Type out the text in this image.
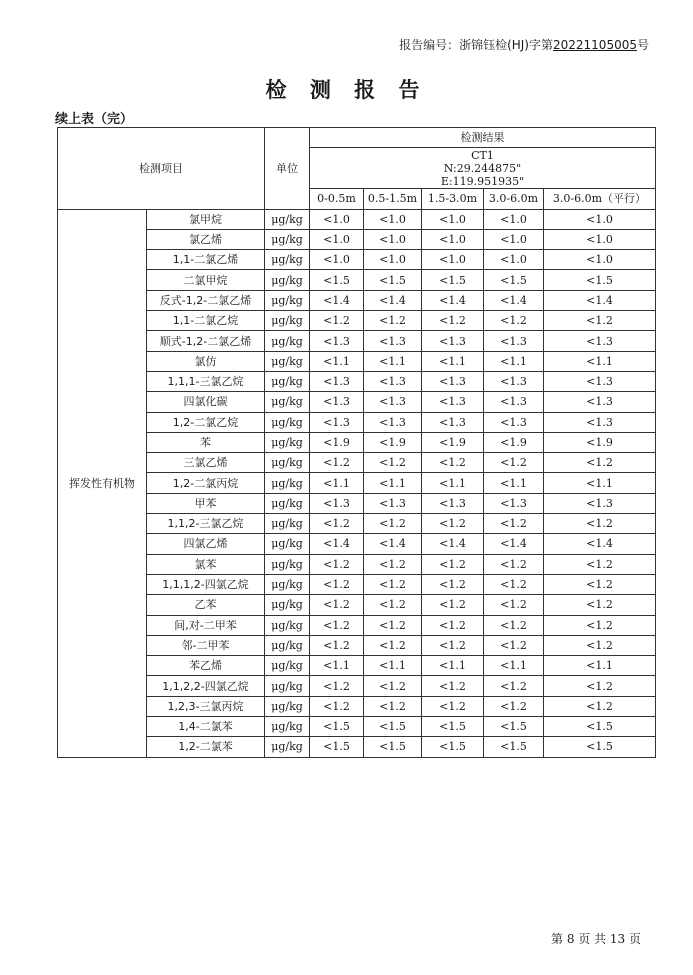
报告编号：浙锦钰检(HJ)字第20221105005号
检 测 报 告
续上表（完）
检测项目		单位	检测结果				

			CT1
N:29.244875"
E:119.951935"				

			0-0.5m	0.5-1.5m	1.5-3.0m	3.0-6.0m	3.0-6.0m（平行）
挥发性有机物	氯甲烷	μg/kg	<1.0	<1.0	<1.0	<1.0	<1.0
	氯乙烯	μg/kg	<1.0	<1.0	<1.0	<1.0	<1.0
	1,1-二氯乙烯	μg/kg	<1.0	<1.0	<1.0	<1.0	<1.0
	二氯甲烷	μg/kg	<1.5	<1.5	<1.5	<1.5	<1.5
	反式-1,2-二氯乙烯	μg/kg	<1.4	<1.4	<1.4	<1.4	<1.4
	1,1-二氯乙烷	μg/kg	<1.2	<1.2	<1.2	<1.2	<1.2
	顺式-1,2-二氯乙烯	μg/kg	<1.3	<1.3	<1.3	<1.3	<1.3
	氯仿	μg/kg	<1.1	<1.1	<1.1	<1.1	<1.1
	1,1,1-三氯乙烷	μg/kg	<1.3	<1.3	<1.3	<1.3	<1.3
	四氯化碳	μg/kg	<1.3	<1.3	<1.3	<1.3	<1.3
	1,2-二氯乙烷	μg/kg	<1.3	<1.3	<1.3	<1.3	<1.3
	苯	μg/kg	<1.9	<1.9	<1.9	<1.9	<1.9
	三氯乙烯	μg/kg	<1.2	<1.2	<1.2	<1.2	<1.2
	1,2-二氯丙烷	μg/kg	<1.1	<1.1	<1.1	<1.1	<1.1
	甲苯	μg/kg	<1.3	<1.3	<1.3	<1.3	<1.3
	1,1,2-三氯乙烷	μg/kg	<1.2	<1.2	<1.2	<1.2	<1.2
	四氯乙烯	μg/kg	<1.4	<1.4	<1.4	<1.4	<1.4
	氯苯	μg/kg	<1.2	<1.2	<1.2	<1.2	<1.2
	1,1,1,2-四氯乙烷	μg/kg	<1.2	<1.2	<1.2	<1.2	<1.2
	乙苯	μg/kg	<1.2	<1.2	<1.2	<1.2	<1.2
	间,对-二甲苯	μg/kg	<1.2	<1.2	<1.2	<1.2	<1.2
	邻-二甲苯	μg/kg	<1.2	<1.2	<1.2	<1.2	<1.2
	苯乙烯	μg/kg	<1.1	<1.1	<1.1	<1.1	<1.1
	1,1,2,2-四氯乙烷	μg/kg	<1.2	<1.2	<1.2	<1.2	<1.2
	1,2,3-三氯丙烷	μg/kg	<1.2	<1.2	<1.2	<1.2	<1.2
	1,4-二氯苯	μg/kg	<1.5	<1.5	<1.5	<1.5	<1.5
	1,2-二氯苯	μg/kg	<1.5	<1.5	<1.5	<1.5	<1.5
第 8 页 共 13 页
